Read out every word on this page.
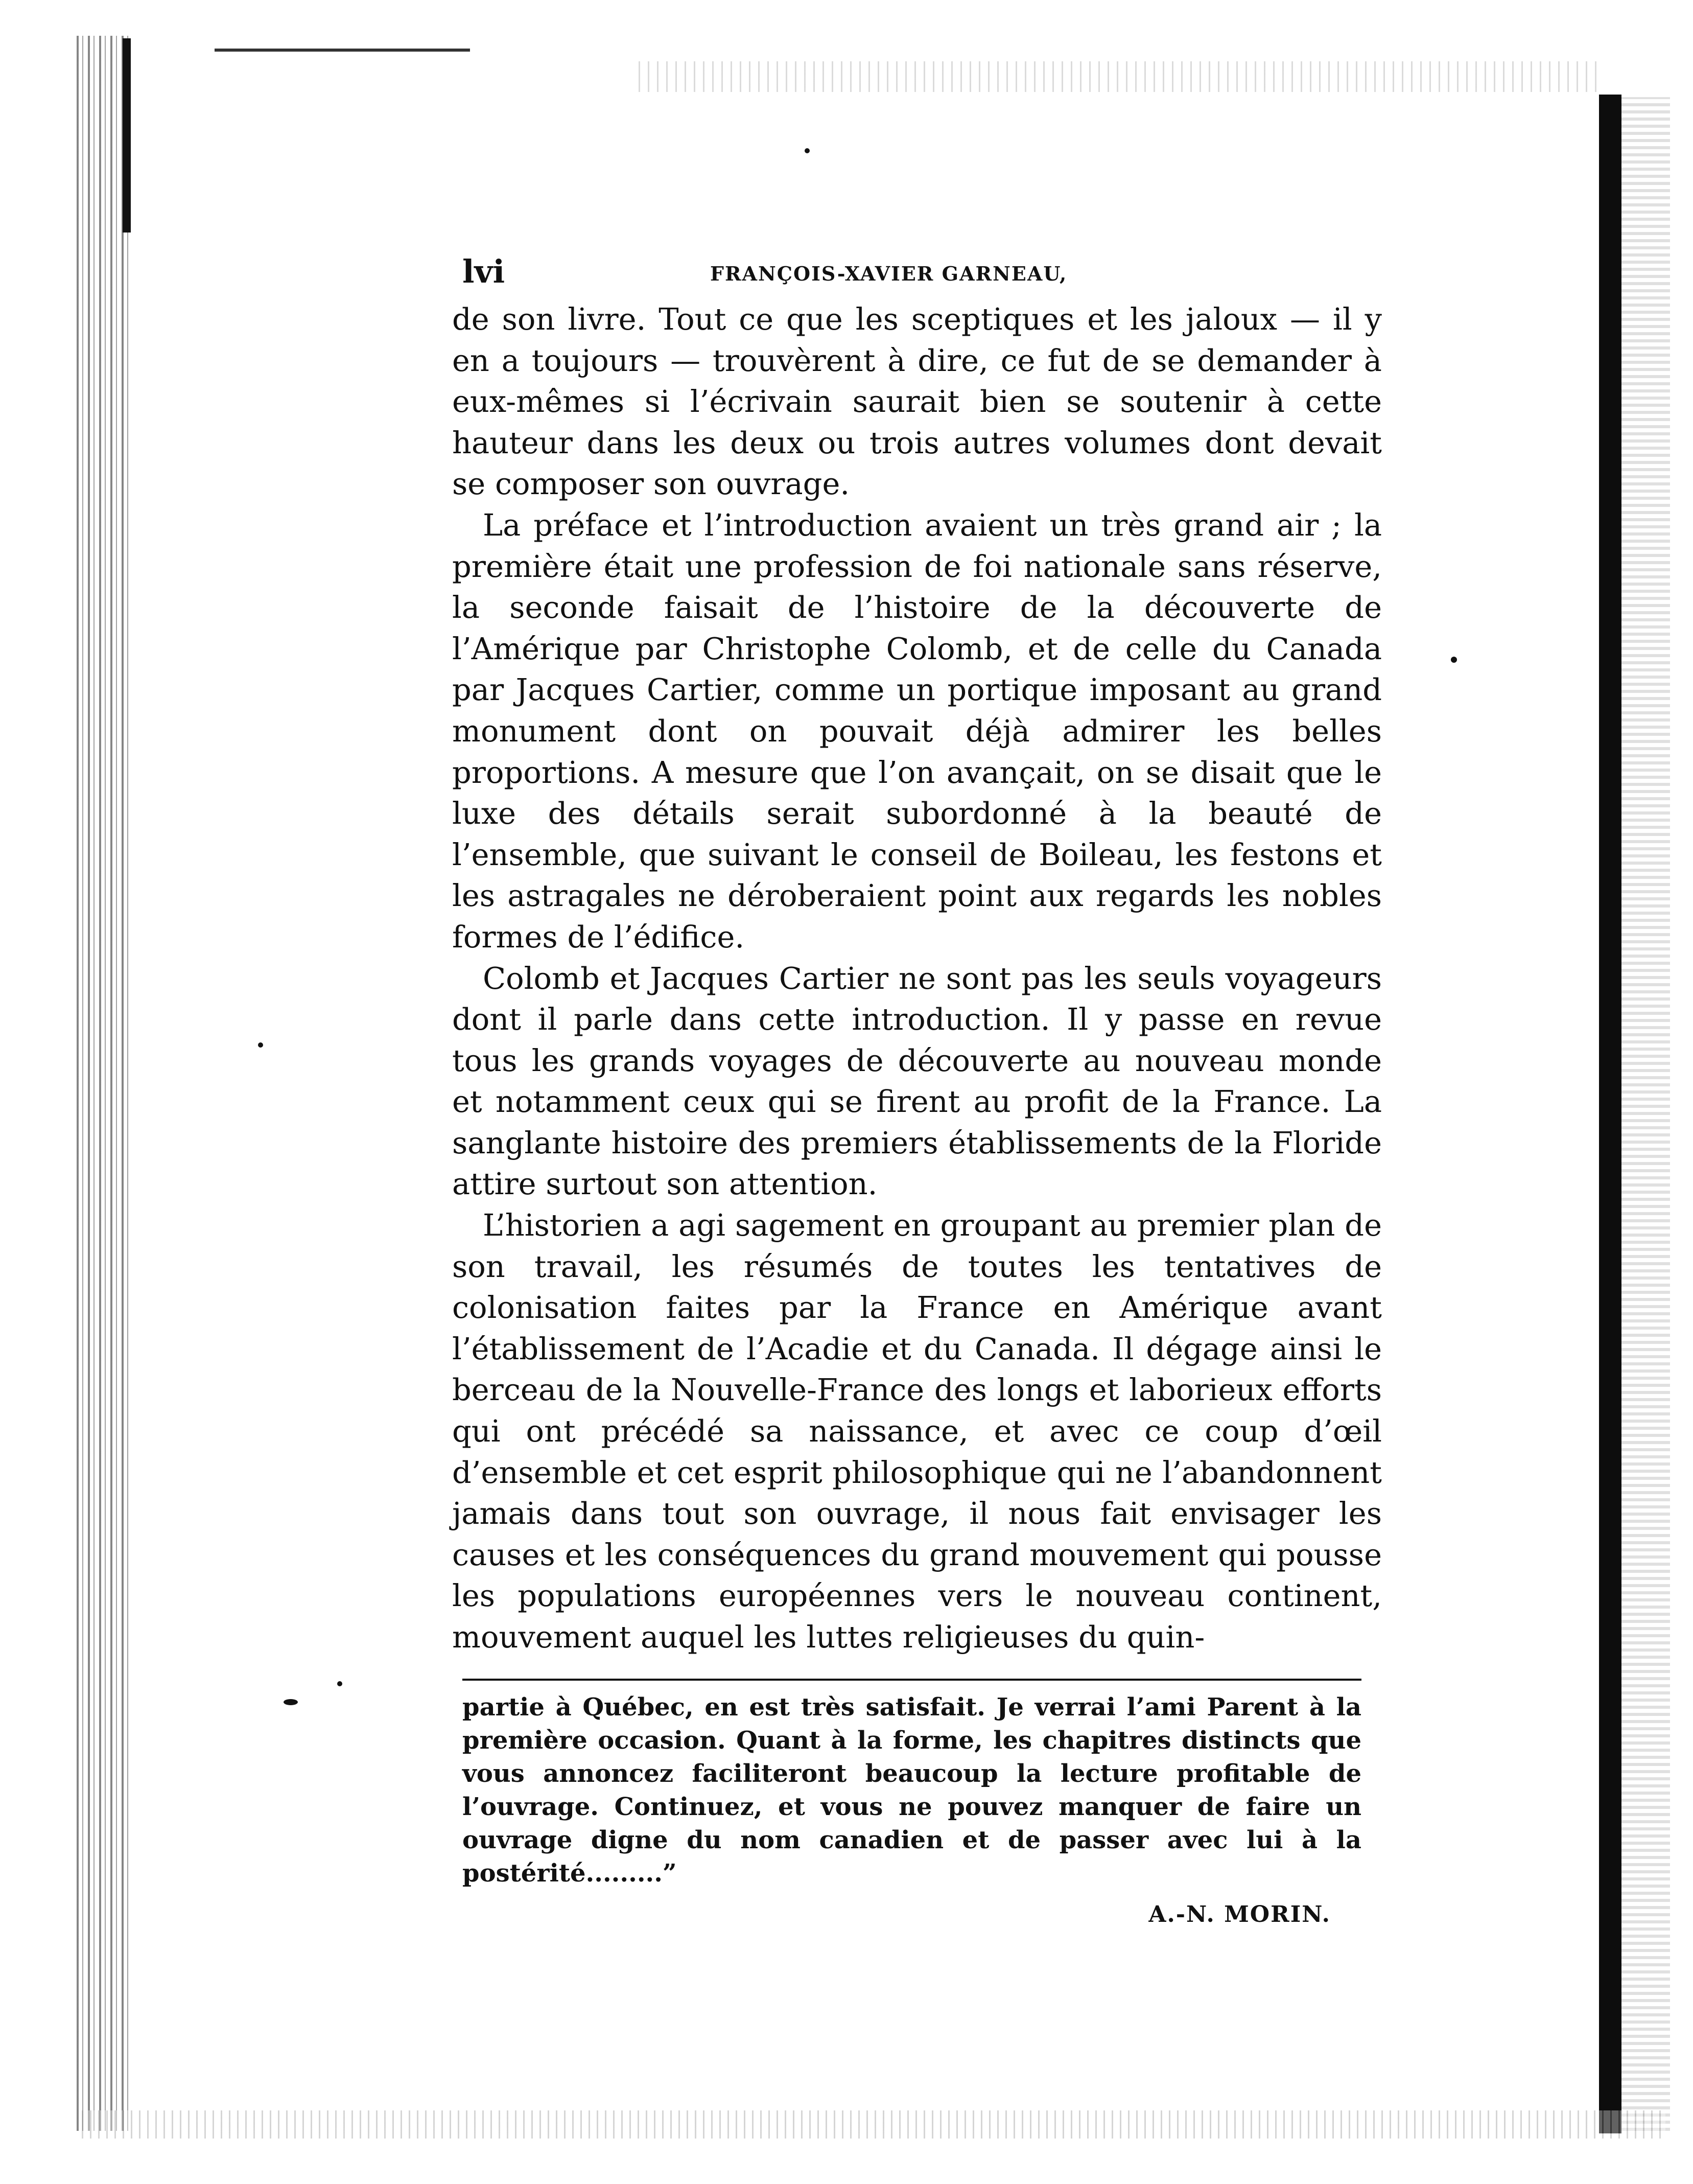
lvi	FRANÇOIS-XAVIER GARNEAU,

de son livre. Tout ce que les sceptiques et les jaloux — il y en a toujours — trouvèrent à dire, ce fut de se demander à eux-mêmes si l’écrivain saurait bien se soutenir à cette hauteur dans les deux ou trois autres volumes dont devait se composer son ouvrage.

La préface et l’introduction avaient un très grand air ; la première était une profession de foi nationale sans réserve, la seconde faisait de l’histoire de la découverte de l’Amérique par Christophe Colomb, et de celle du Canada par Jacques Cartier, comme un portique imposant au grand monument dont on pouvait déjà admirer les belles proportions. A mesure que l’on avançait, on se disait que le luxe des détails serait subordonné à la beauté de l’ensemble, que suivant le conseil de Boileau, les festons et les astragales ne déroberaient point aux regards les nobles formes de l’édifice.

Colomb et Jacques Cartier ne sont pas les seuls voyageurs dont il parle dans cette introduction. Il y passe en revue tous les grands voyages de découverte au nouveau monde et notamment ceux qui se firent au profit de la France. La sanglante histoire des premiers établissements de la Floride attire surtout son attention.

L’historien a agi sagement en groupant au premier plan de son travail, les résumés de toutes les tentatives de colonisation faites par la France en Amérique avant l’établissement de l’Acadie et du Canada. Il dégage ainsi le berceau de la Nouvelle-France des longs et laborieux efforts qui ont précédé sa naissance, et avec ce coup d’œil d’ensemble et cet esprit philosophique qui ne l’abandonnent jamais dans tout son ouvrage, il nous fait envisager les causes et les conséquences du grand mouvement qui pousse les populations européennes vers le nouveau continent, mouvement auquel les luttes religieuses du quin-

partie à Québec, en est très satisfait. Je verrai l’ami Parent à la première occasion. Quant à la forme, les chapitres distincts que vous annoncez faciliteront beaucoup la lecture profitable de l’ouvrage. Continuez, et vous ne pouvez manquer de faire un ouvrage digne du nom canadien et de passer avec lui à la postérité.........”

A.-N. MORIN.
